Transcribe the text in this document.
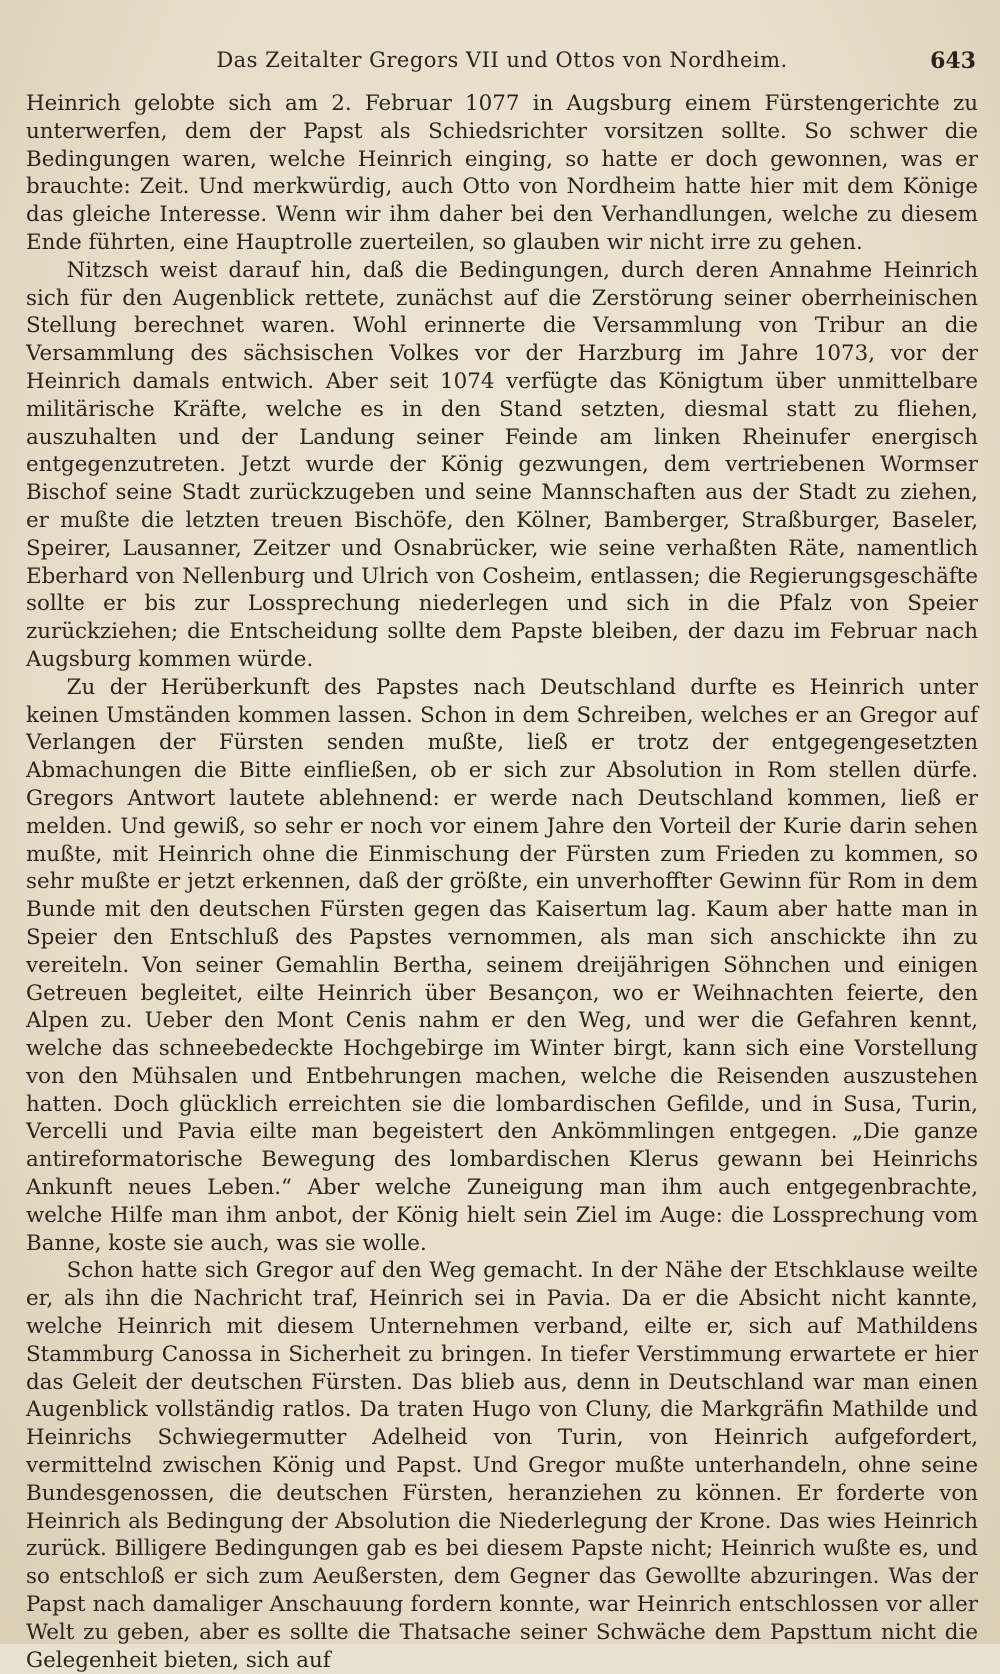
Das Zeitalter Gregors VII und Ottos von Nordheim.	643

Heinrich gelobte sich am 2. Februar 1077 in Augsburg einem Fürstengerichte zu unterwerfen, dem der Papst als Schiedsrichter vorsitzen sollte. So schwer die Bedingungen waren, welche Heinrich einging, so hatte er doch gewonnen, was er brauchte: Zeit. Und merkwürdig, auch Otto von Nordheim hatte hier mit dem Könige das gleiche Interesse. Wenn wir ihm daher bei den Verhandlungen, welche zu diesem Ende führten, eine Hauptrolle zuerteilen, so glauben wir nicht irre zu gehen.

Nitzsch weist darauf hin, daß die Bedingungen, durch deren Annahme Heinrich sich für den Augenblick rettete, zunächst auf die Zerstörung seiner oberrheinischen Stellung berechnet waren. Wohl erinnerte die Versammlung von Tribur an die Versammlung des sächsischen Volkes vor der Harzburg im Jahre 1073, vor der Heinrich damals entwich. Aber seit 1074 verfügte das Königtum über unmittelbare militärische Kräfte, welche es in den Stand setzten, diesmal statt zu fliehen, auszuhalten und der Landung seiner Feinde am linken Rheinufer energisch entgegenzutreten. Jetzt wurde der König gezwungen, dem vertriebenen Wormser Bischof seine Stadt zurückzugeben und seine Mannschaften aus der Stadt zu ziehen, er mußte die letzten treuen Bischöfe, den Kölner, Bamberger, Straßburger, Baseler, Speirer, Lausanner, Zeitzer und Osnabrücker, wie seine verhaßten Räte, namentlich Eberhard von Nellenburg und Ulrich von Cosheim, entlassen; die Regierungsgeschäfte sollte er bis zur Lossprechung niederlegen und sich in die Pfalz von Speier zurückziehen; die Entscheidung sollte dem Papste bleiben, der dazu im Februar nach Augsburg kommen würde.

Zu der Herüberkunft des Papstes nach Deutschland durfte es Heinrich unter keinen Umständen kommen lassen. Schon in dem Schreiben, welches er an Gregor auf Verlangen der Fürsten senden mußte, ließ er trotz der entgegengesetzten Abmachungen die Bitte einfließen, ob er sich zur Absolution in Rom stellen dürfe. Gregors Antwort lautete ablehnend: er werde nach Deutschland kommen, ließ er melden. Und gewiß, so sehr er noch vor einem Jahre den Vorteil der Kurie darin sehen mußte, mit Heinrich ohne die Einmischung der Fürsten zum Frieden zu kommen, so sehr mußte er jetzt erkennen, daß der größte, ein unverhoffter Gewinn für Rom in dem Bunde mit den deutschen Fürsten gegen das Kaisertum lag. Kaum aber hatte man in Speier den Entschluß des Papstes vernommen, als man sich anschickte ihn zu vereiteln. Von seiner Gemahlin Bertha, seinem dreijährigen Söhnchen und einigen Getreuen begleitet, eilte Heinrich über Besançon, wo er Weihnachten feierte, den Alpen zu. Ueber den Mont Cenis nahm er den Weg, und wer die Gefahren kennt, welche das schneebedeckte Hochgebirge im Winter birgt, kann sich eine Vorstellung von den Mühsalen und Entbehrungen machen, welche die Reisenden auszustehen hatten. Doch glücklich erreichten sie die lombardischen Gefilde, und in Susa, Turin, Vercelli und Pavia eilte man begeistert den Ankömmlingen entgegen. „Die ganze antireformatorische Bewegung des lombardischen Klerus gewann bei Heinrichs Ankunft neues Leben.“ Aber welche Zuneigung man ihm auch entgegenbrachte, welche Hilfe man ihm anbot, der König hielt sein Ziel im Auge: die Lossprechung vom Banne, koste sie auch, was sie wolle.

Schon hatte sich Gregor auf den Weg gemacht. In der Nähe der Etschklause weilte er, als ihn die Nachricht traf, Heinrich sei in Pavia. Da er die Absicht nicht kannte, welche Heinrich mit diesem Unternehmen verband, eilte er, sich auf Mathildens Stammburg Canossa in Sicherheit zu bringen. In tiefer Verstimmung erwartete er hier das Geleit der deutschen Fürsten. Das blieb aus, denn in Deutschland war man einen Augenblick vollständig ratlos. Da traten Hugo von Cluny, die Markgräfin Mathilde und Heinrichs Schwiegermutter Adelheid von Turin, von Heinrich aufgefordert, vermittelnd zwischen König und Papst. Und Gregor mußte unterhandeln, ohne seine Bundesgenossen, die deutschen Fürsten, heranziehen zu können. Er forderte von Heinrich als Bedingung der Absolution die Niederlegung der Krone. Das wies Heinrich zurück. Billigere Bedingungen gab es bei diesem Papste nicht; Heinrich wußte es, und so entschloß er sich zum Aeußersten, dem Gegner das Gewollte abzuringen. Was der Papst nach damaliger Anschauung fordern konnte, war Heinrich entschlossen vor aller Welt zu geben, aber es sollte die Thatsache seiner Schwäche dem Papsttum nicht die Gelegenheit bieten, sich auf
